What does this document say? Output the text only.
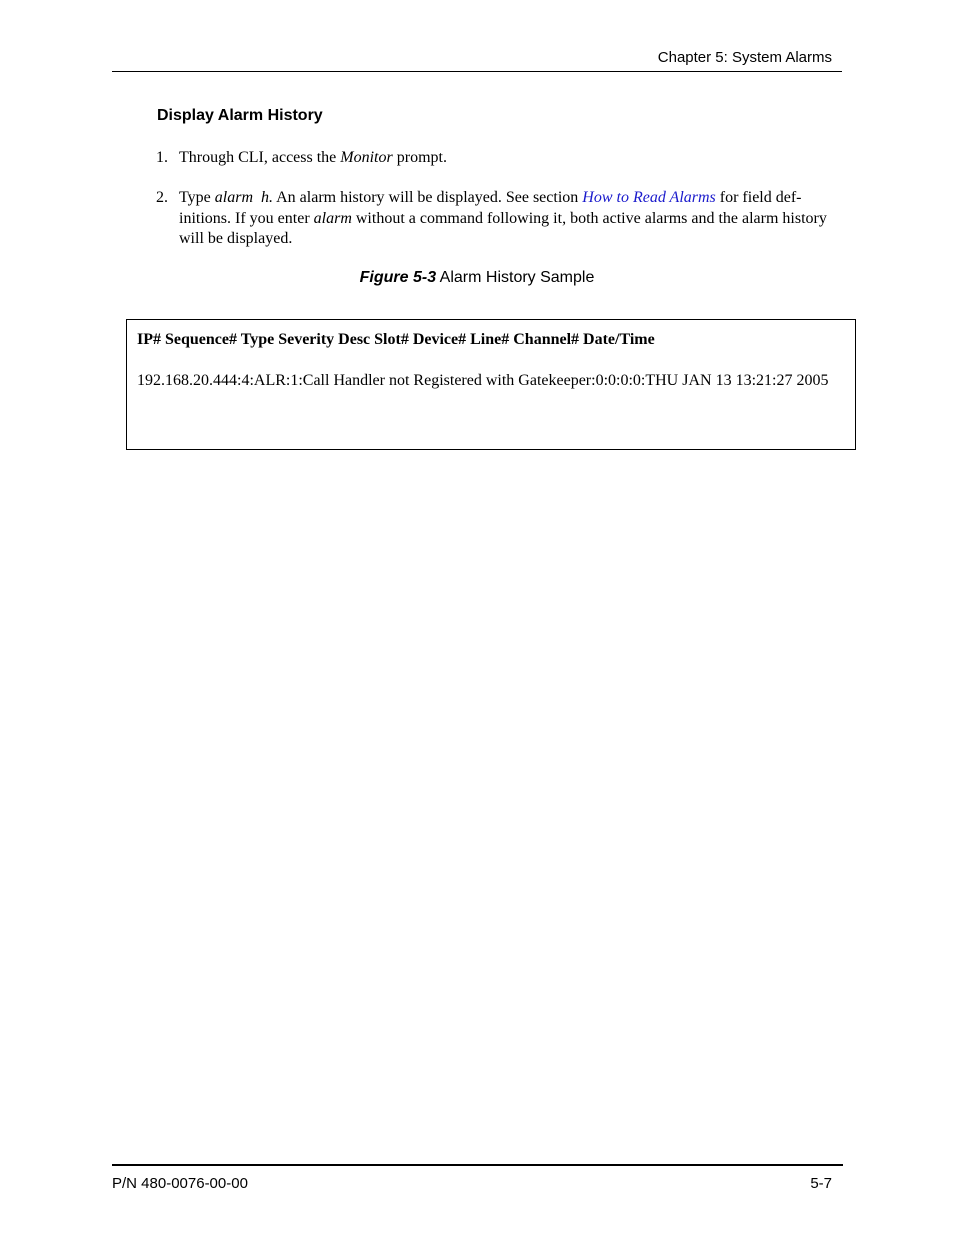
Chapter 5: System Alarms
Display Alarm History
1. Through CLI, access the Monitor prompt.
2. Type alarm  h. An alarm history will be displayed. See section How to Read Alarms for field def-initions. If you enter alarm without a command following it, both active alarms and the alarm history will be displayed.
Figure 5-3 Alarm History Sample
IP# Sequence# Type Severity Desc Slot# Device# Line# Channel# Date/Time
192.168.20.444:4:ALR:1:Call Handler not Registered with Gatekeeper:0:0:0:0:THU JAN 13 13:21:27 2005
P/N 480-0076-00-00	5-7
